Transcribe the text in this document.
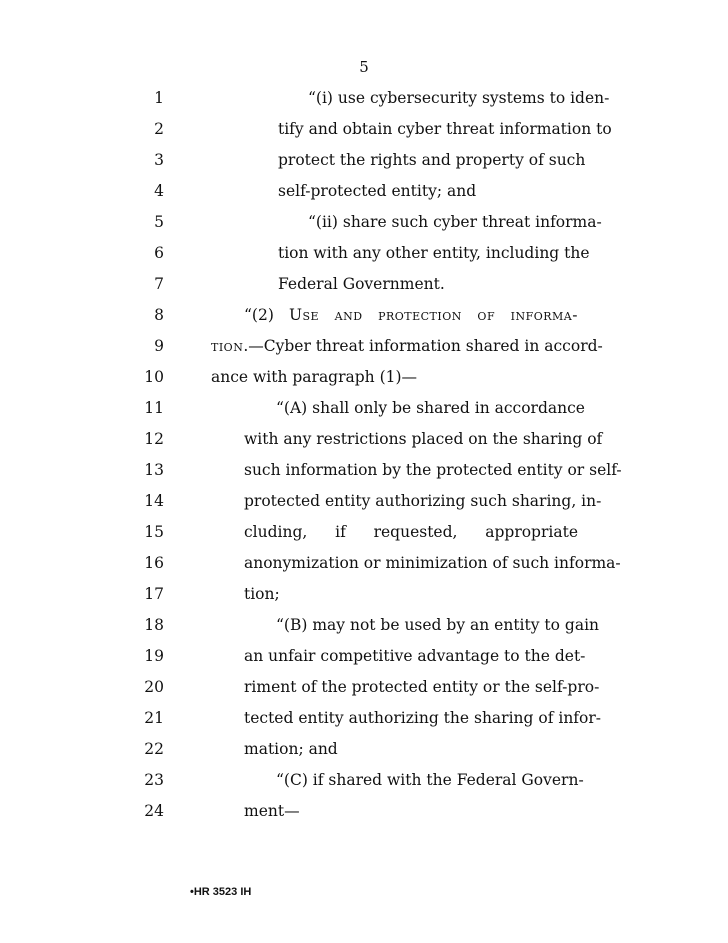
5
1	“(i) use cybersecurity systems to iden-
2	tify and obtain cyber threat information to
3	protect the rights and property of such
4	self-protected entity; and
5	“(ii) share such cyber threat informa-
6	tion with any other entity, including the
7	Federal Government.
8	“(2) Use and protection of informa-
9	tion.—Cyber threat information shared in accord-
10	ance with paragraph (1)—
11	“(A) shall only be shared in accordance
12	with any restrictions placed on the sharing of
13	such information by the protected entity or self-
14	protected entity authorizing such sharing, in-
15	cluding, if requested, appropriate
16	anonymization or minimization of such informa-
17	tion;
18	“(B) may not be used by an entity to gain
19	an unfair competitive advantage to the det-
20	riment of the protected entity or the self-pro-
21	tected entity authorizing the sharing of infor-
22	mation; and
23	“(C) if shared with the Federal Govern-
24	ment—
•HR 3523 IH
